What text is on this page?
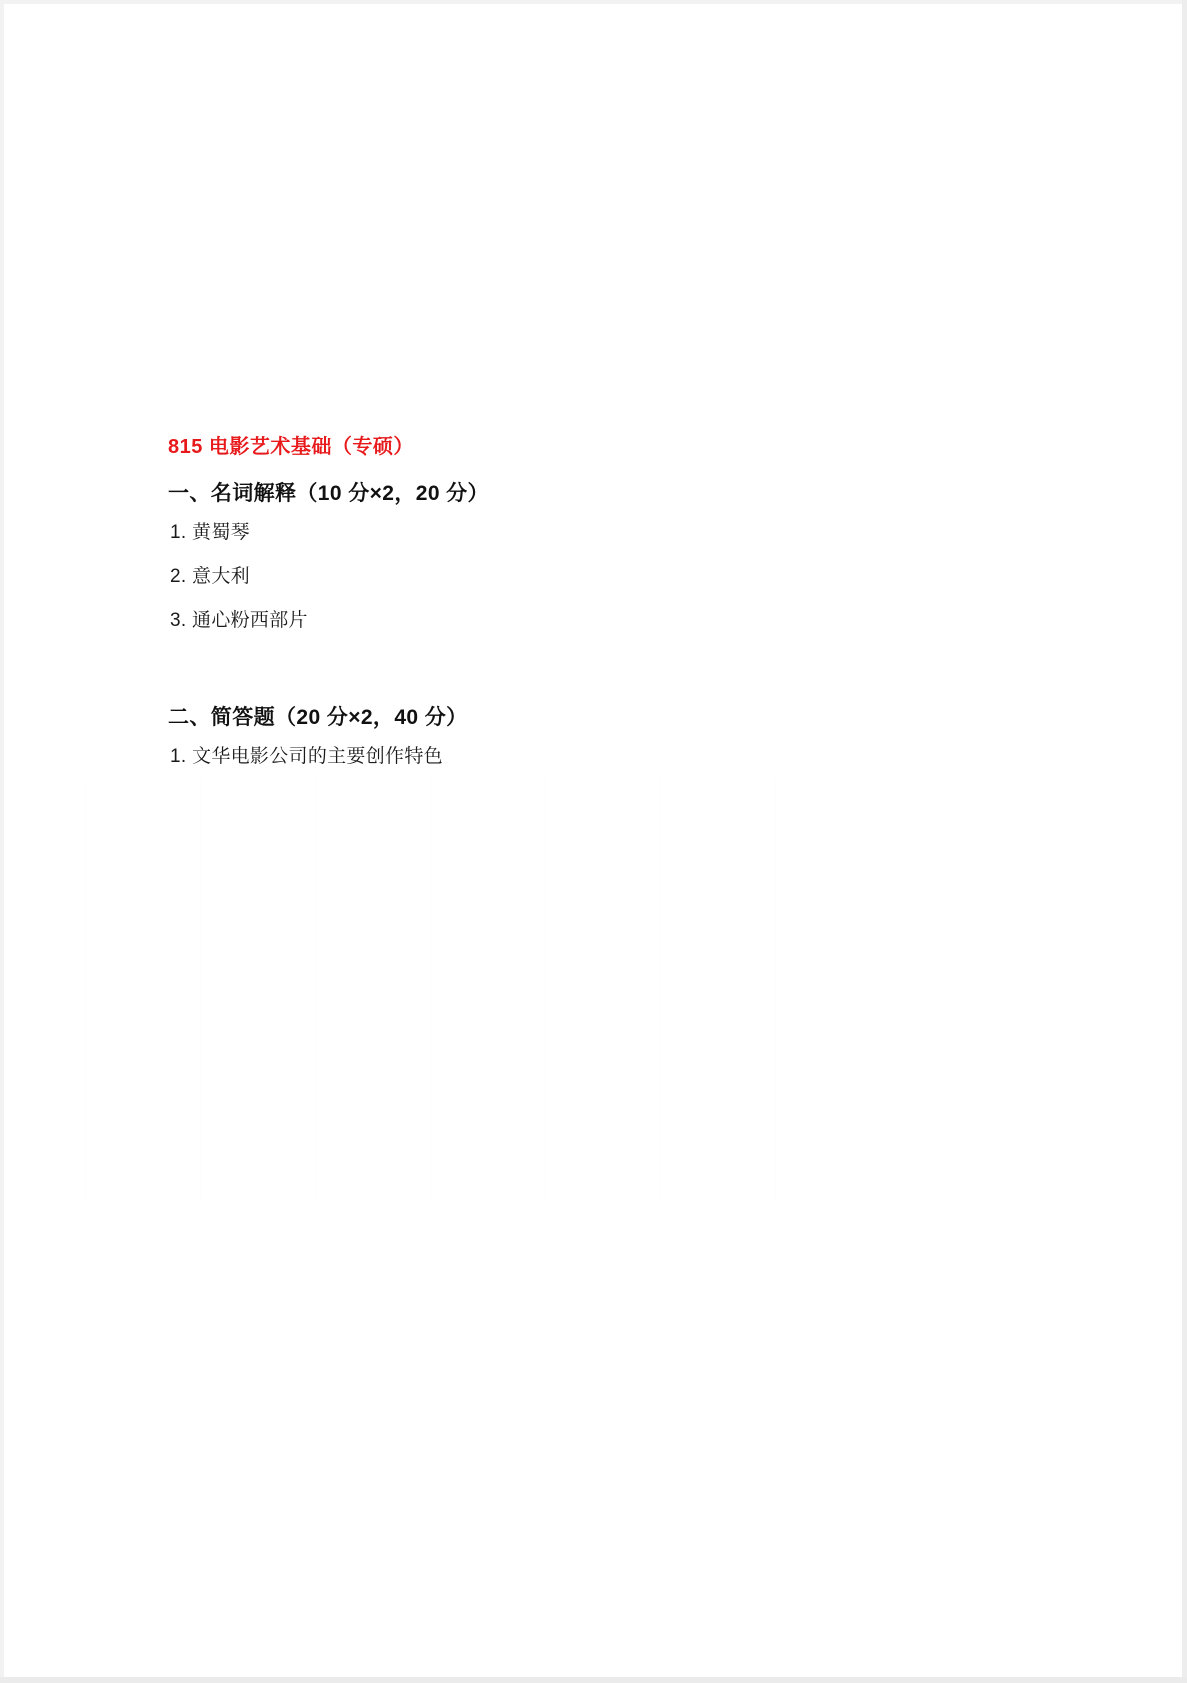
815 电影艺术基础（专硕）
一、名词解释（10 分×2，20 分）
1. 黄蜀琴
2. 意大利
3. 通心粉西部片
二、简答题（20 分×2，40 分）
1. 文华电影公司的主要创作特色
